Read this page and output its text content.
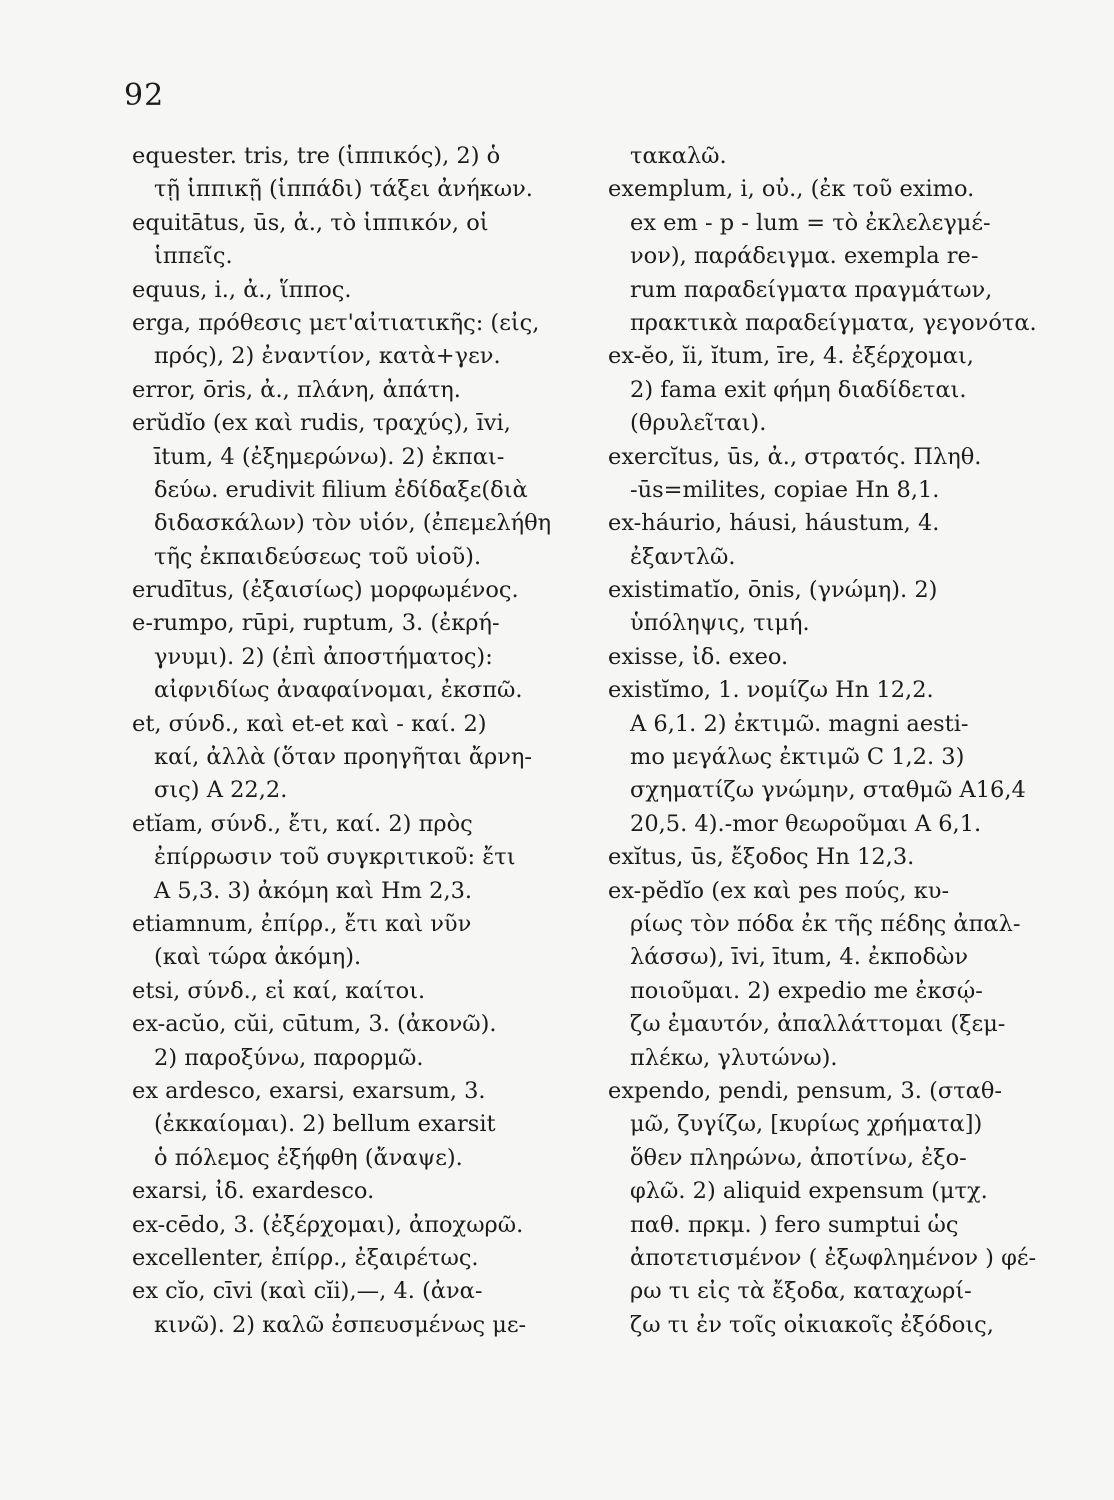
92
equester. tris, tre (ἱππικός), 2) ὁ
τῇ ἱππικῇ (ἱππάδι) τάξει ἀνήκων.
equitātus, ūs, ἀ., τὸ ἱππικόν, οἱ
ἱππεῖς.
equus, i., ἀ., ἵππος.
erga, πρόθεσις μετ'αἰτιατικῆς: (εἰς,
πρός), 2) ἐναντίον, κατὰ+γεν.
error, ōris, ἀ., πλάνη, ἀπάτη.
erŭdĭo (ex καὶ rudis, τραχύς), īvi,
ītum, 4 (ἐξημερώνω). 2) ἐκπαι-
δεύω. erudivit filium ἐδίδαξε(διὰ
διδασκάλων) τὸν υἱόν, (ἐπεμελήθη
τῆς ἐκπαιδεύσεως τοῦ υἱοῦ).
erudītus, (ἐξαισίως) μορφωμένος.
e-rumpo, rūpi, ruptum, 3. (ἐκρή-
γνυμι). 2) (ἐπὶ ἀποστήματος):
αἰφνιδίως ἀναφαίνομαι, ἐκσπῶ.
et, σύνδ., καὶ et-et καὶ - καί. 2)
καί, ἀλλὰ (ὅταν προηγῆται ἄρνη-
σις) A 22,2.
etĭam, σύνδ., ἔτι, καί. 2) πρὸς
ἐπίρρωσιν τοῦ συγκριτικοῦ: ἔτι
A 5,3. 3) ἀκόμη καὶ Hm 2,3.
etiamnum, ἐπίρρ., ἔτι καὶ νῦν
(καὶ τώρα ἀκόμη).
etsi, σύνδ., εἰ καί, καίτοι.
ex-acŭo, cŭi, cūtum, 3. (ἀκονῶ).
2) παροξύνω, παρορμῶ.
ex ardesco, exarsi, exarsum, 3.
(ἐκκαίομαι). 2) bellum exarsit
ὁ πόλεμος ἐξήφθη (ἄναψε).
exarsi, ἰδ. exardesco.
ex-cēdo, 3. (ἐξέρχομαι), ἀποχωρῶ.
excellenter, ἐπίρρ., ἐξαιρέτως.
ex cĭo, cīvi (καὶ cĭi),—, 4. (ἀνα-
κινῶ). 2) καλῶ ἐσπευσμένως με-
τακαλῶ.
exemplum, i, οὐ., (ἐκ τοῦ eximo.
ex em - p - lum = τὸ ἐκλελεγμέ-
νον), παράδειγμα. exempla re-
rum παραδείγματα πραγμάτων,
πρακτικὰ παραδείγματα, γεγονότα.
ex-ĕo, ĭi, ĭtum, īre, 4. ἐξέρχομαι,
2) fama exit φήμη διαδίδεται.
(θρυλεῖται).
exercĭtus, ūs, ἀ., στρατός. Πληθ.
-ūs=milites, copiae Hn 8,1.
ex-háurio, háusi, háustum, 4.
ἐξαντλῶ.
existimatĭo, ōnis, (γνώμη). 2)
ὑπόληψις, τιμή.
exisse, ἰδ. exeo.
existĭmo, 1. νομίζω Hn 12,2.
A 6,1. 2) ἐκτιμῶ. magni aesti-
mo μεγάλως ἐκτιμῶ C 1,2. 3)
σχηματίζω γνώμην, σταθμῶ A16,4
20,5. 4).-mor θεωροῦμαι A 6,1.
exĭtus, ūs, ἔξοδος Hn 12,3.
ex-pĕdĭo (ex καὶ pes πούς, κυ-
ρίως τὸν πόδα ἐκ τῆς πέδης ἀπαλ-
λάσσω), īvi, ītum, 4. ἐκποδὼν
ποιοῦμαι. 2) expedio me ἐκσῴ-
ζω ἐμαυτόν, ἀπαλλάττομαι (ξεμ-
πλέκω, γλυτώνω).
expendo, pendi, pensum, 3. (σταθ-
μῶ, ζυγίζω, [κυρίως χρήματα])
ὅθεν πληρώνω, ἀποτίνω, ἐξο-
φλῶ. 2) aliquid expensum (μτχ.
παθ. πρκμ. ) fero sumptui ὡς
ἀποτετισμένον ( ἐξωφλημένον ) φέ-
ρω τι εἰς τὰ ἔξοδα, καταχωρί-
ζω τι ἐν τοῖς οἰκιακοῖς ἐξόδοις,
